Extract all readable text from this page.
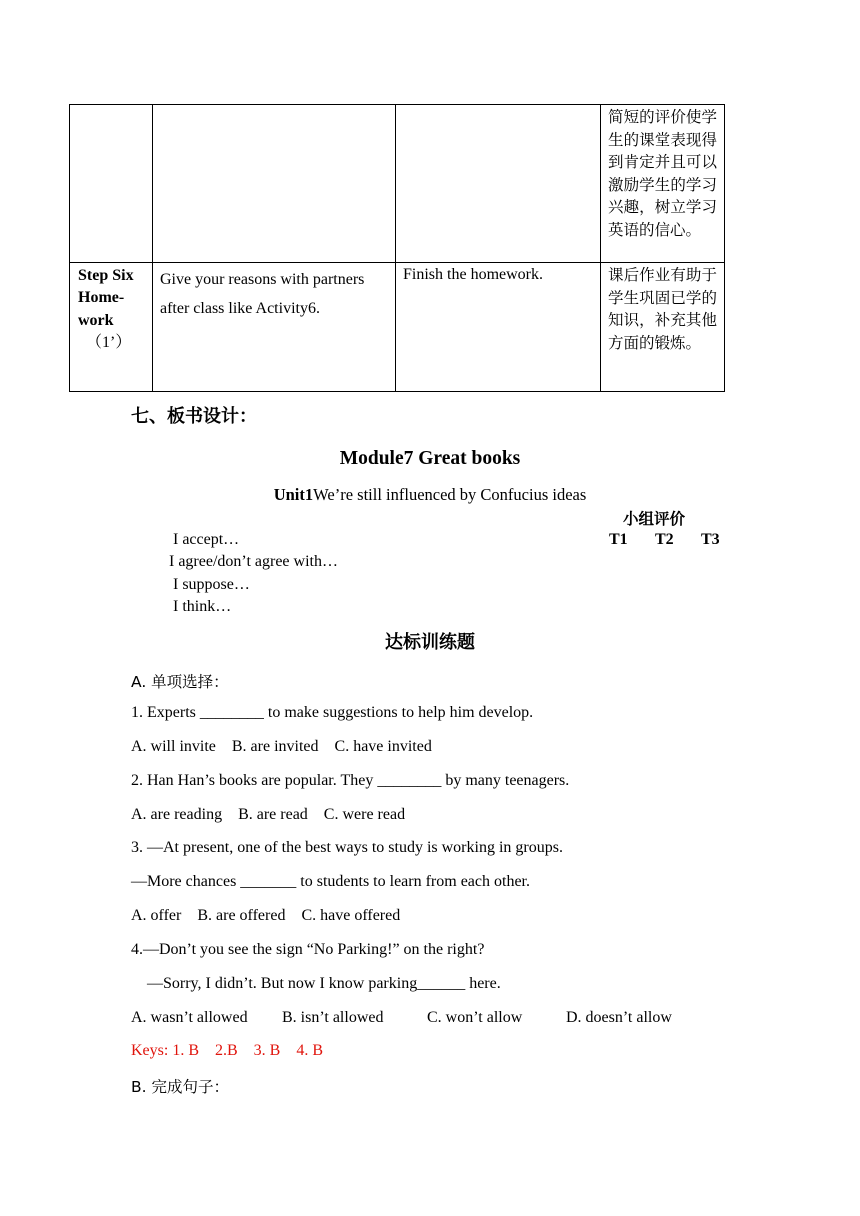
			简短的评价使学生的课堂表现得到肯定并且可以激励学生的学习兴趣，树立学习英语的信心。

Step Six
Home-
work
（1’）	Give your reasons with partners after class like Activity6.	Finish the homework.	课后作业有助于学生巩固已学的知识，补充其他方面的锻炼。
七、板书设计：
Module7 Great books
Unit1We’re still influenced by Confucius ideas
小组评价
T1 T2 T3
I accept…
I agree/don’t agree with…
I suppose…
I think…
达标训练题
A. 单项选择：
1. Experts ________ to make suggestions to help him develop.
A. will invite    B. are invited    C. have invited
2. Han Han’s books are popular. They ________ by many teenagers.
A. are reading    B. are read    C. were read
3. —At present, one of the best ways to study is working in groups.
—More chances _______ to students to learn from each other.
A. offer    B. are offered    C. have offered
4.—Don’t you see the sign “No Parking!” on the right?
—Sorry, I didn’t. But now I know parking______ here.
A. wasn’t allowed B. isn’t allowed	C. won’t allow	D. doesn’t allow
Keys: 1. B    2.B    3. B    4. B
B. 完成句子：
